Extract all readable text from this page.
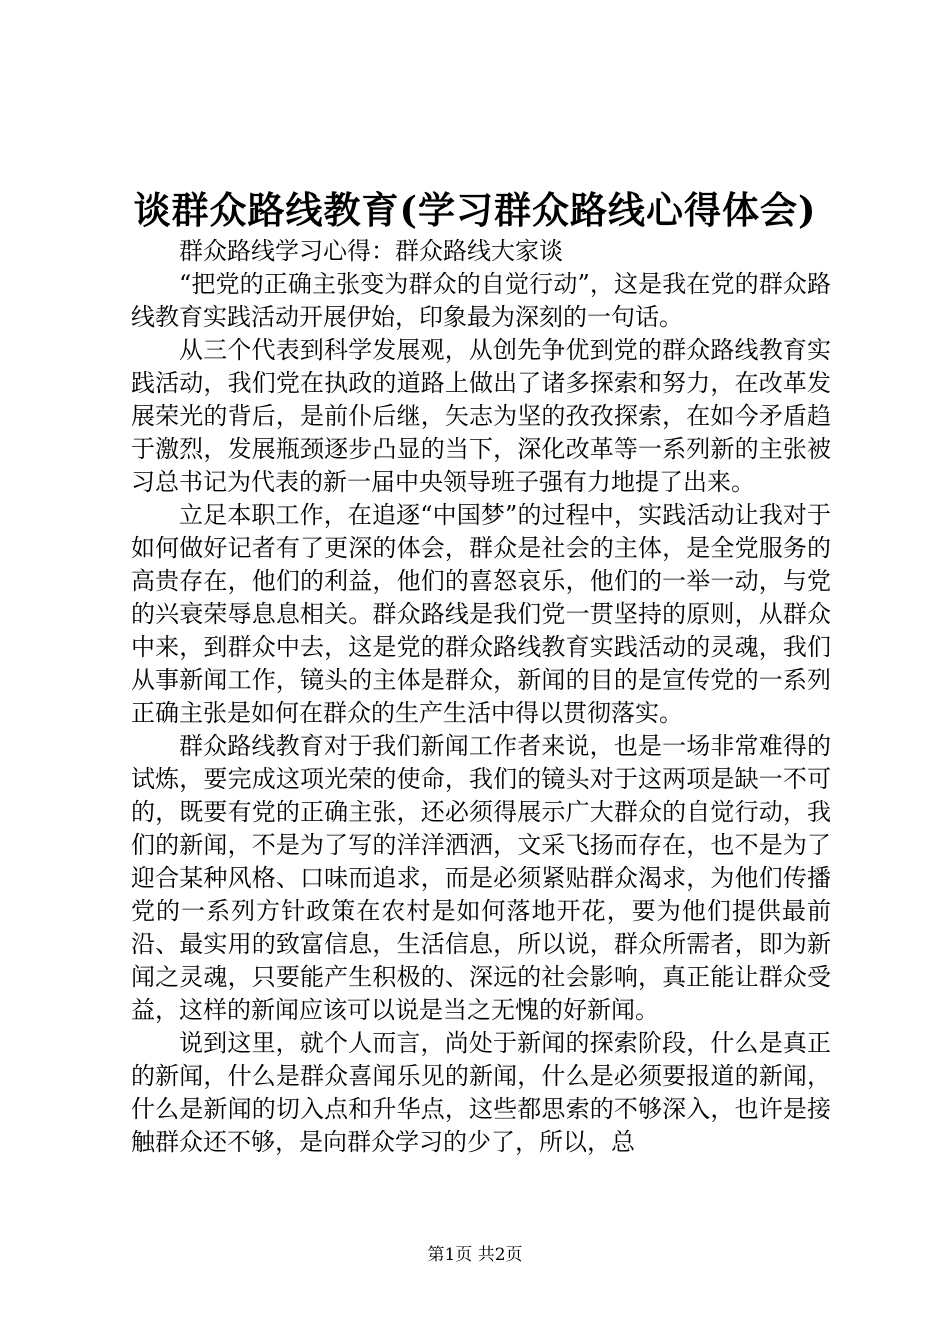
谈群众路线教育(学习群众路线心得体会)

群众路线学习心得：群众路线大家谈

“把党的正确主张变为群众的自觉行动”，这是我在党的群众路线教育实践活动开展伊始，印象最为深刻的一句话。

从三个代表到科学发展观，从创先争优到党的群众路线教育实践活动，我们党在执政的道路上做出了诸多探索和努力，在改革发展荣光的背后，是前仆后继，矢志为坚的孜孜探索，在如今矛盾趋于激烈，发展瓶颈逐步凸显的当下，深化改革等一系列新的主张被习总书记为代表的新一届中央领导班子强有力地提了出来。

立足本职工作，在追逐“中国梦”的过程中，实践活动让我对于如何做好记者有了更深的体会，群众是社会的主体，是全党服务的高贵存在，他们的利益，他们的喜怒哀乐，他们的一举一动，与党的兴衰荣辱息息相关。群众路线是我们党一贯坚持的原则，从群众中来，到群众中去，这是党的群众路线教育实践活动的灵魂，我们从事新闻工作，镜头的主体是群众，新闻的目的是宣传党的一系列正确主张是如何在群众的生产生活中得以贯彻落实。

群众路线教育对于我们新闻工作者来说，也是一场非常难得的试炼，要完成这项光荣的使命，我们的镜头对于这两项是缺一不可的，既要有党的正确主张，还必须得展示广大群众的自觉行动，我们的新闻，不是为了写的洋洋洒洒，文采飞扬而存在，也不是为了迎合某种风格、口味而追求，而是必须紧贴群众渴求，为他们传播党的一系列方针政策在农村是如何落地开花，要为他们提供最前沿、最实用的致富信息，生活信息，所以说，群众所需者，即为新闻之灵魂，只要能产生积极的、深远的社会影响，真正能让群众受益，这样的新闻应该可以说是当之无愧的好新闻。

说到这里，就个人而言，尚处于新闻的探索阶段，什么是真正的新闻，什么是群众喜闻乐见的新闻，什么是必须要报道的新闻，什么是新闻的切入点和升华点，这些都思索的不够深入，也许是接触群众还不够，是向群众学习的少了，所以，总

第1页 共2页
